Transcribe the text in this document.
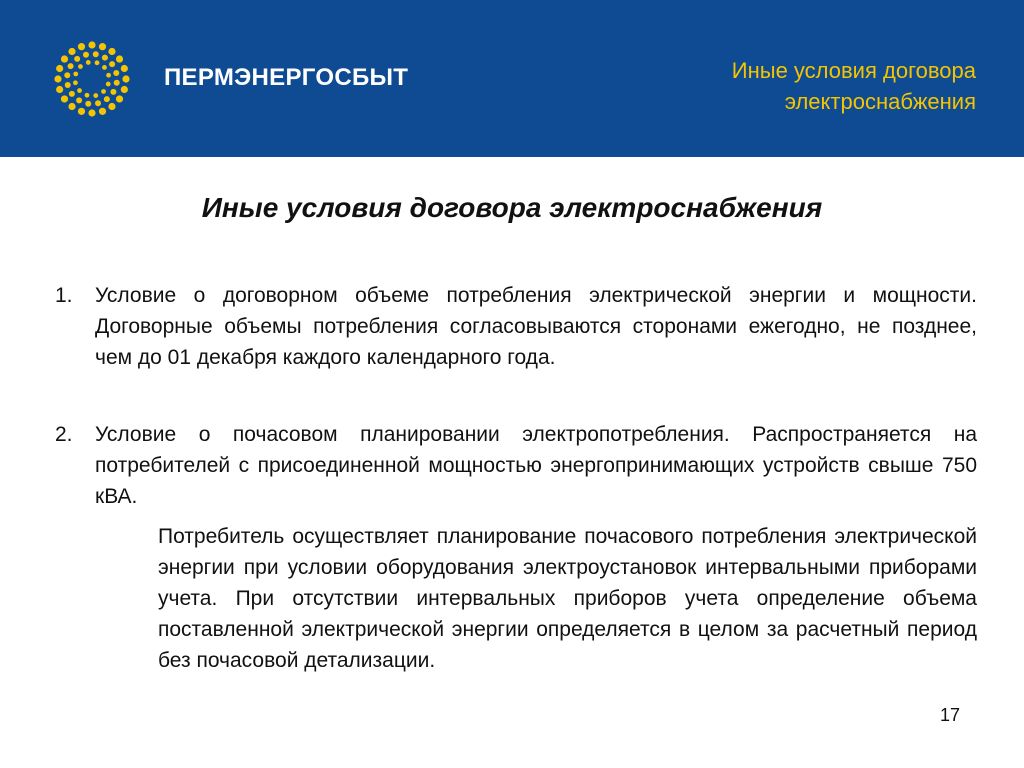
ПЕРМЭНЕРГОСБЫТ	Иные условия договора
электроснабжения
Иные условия договора электроснабжения
1.	Условие о договорном объеме потребления электрической энергии и мощности. Договорные объемы потребления согласовываются сторонами ежегодно, не позднее, чем до 01 декабря каждого календарного года.
2.	Условие о почасовом планировании электропотребления. Распространяется на потребителей с присоединенной мощностью энергопринимающих устройств свыше 750 кВА.
Потребитель осуществляет планирование почасового потребления электрической энергии при условии оборудования электроустановок интервальными приборами учета. При отсутствии интервальных приборов учета определение объема поставленной электрической энергии определяется в целом за расчетный период без почасовой детализации.
17
